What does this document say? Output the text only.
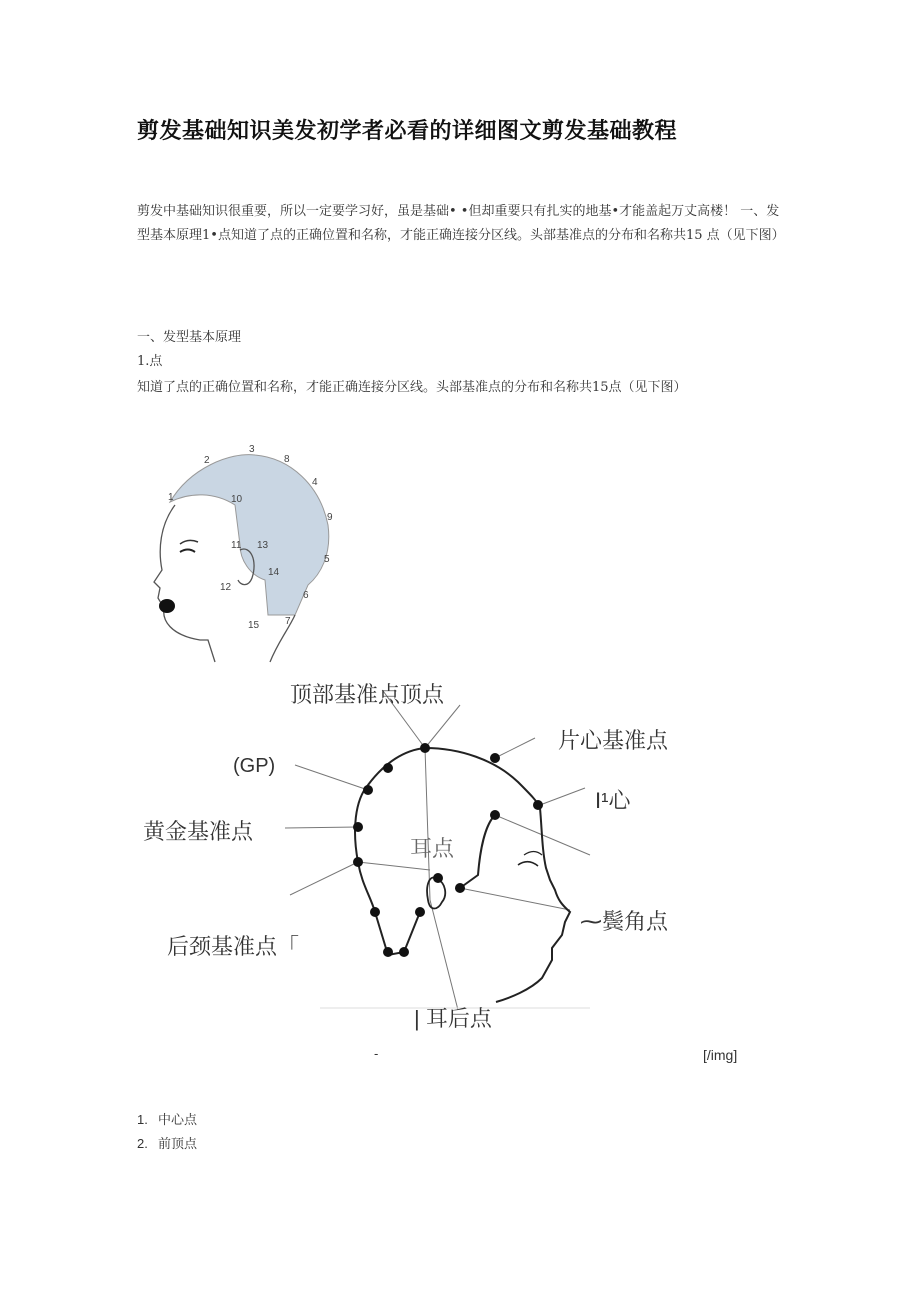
剪发基础知识美发初学者必看的详细图文剪发基础教程
剪发中基础知识很重要，所以一定要学习好，虽是基础• •但却重要只有扎实的地基•才能盖起万丈高楼！ 一、发型基本原理1•点知道了点的正确位置和名称，才能正确连接分区线。头部基准点的分布和名称共15 点（见下图）
一、发型基本原理
1.点
知道了点的正确位置和名称，才能正确连接分区线。头部基准点的分布和名称共15点（见下图）
1
2
3
4
5
6
7
8
9
10
11
12
13
14
15
顶部基准点顶点
(GP)
片心基准点
I¹心
黄金基准点
耳点
⁓鬓角点
后颈基准点「
| 耳后点
-	[/img]
1. 中心点
2. 前顶点
